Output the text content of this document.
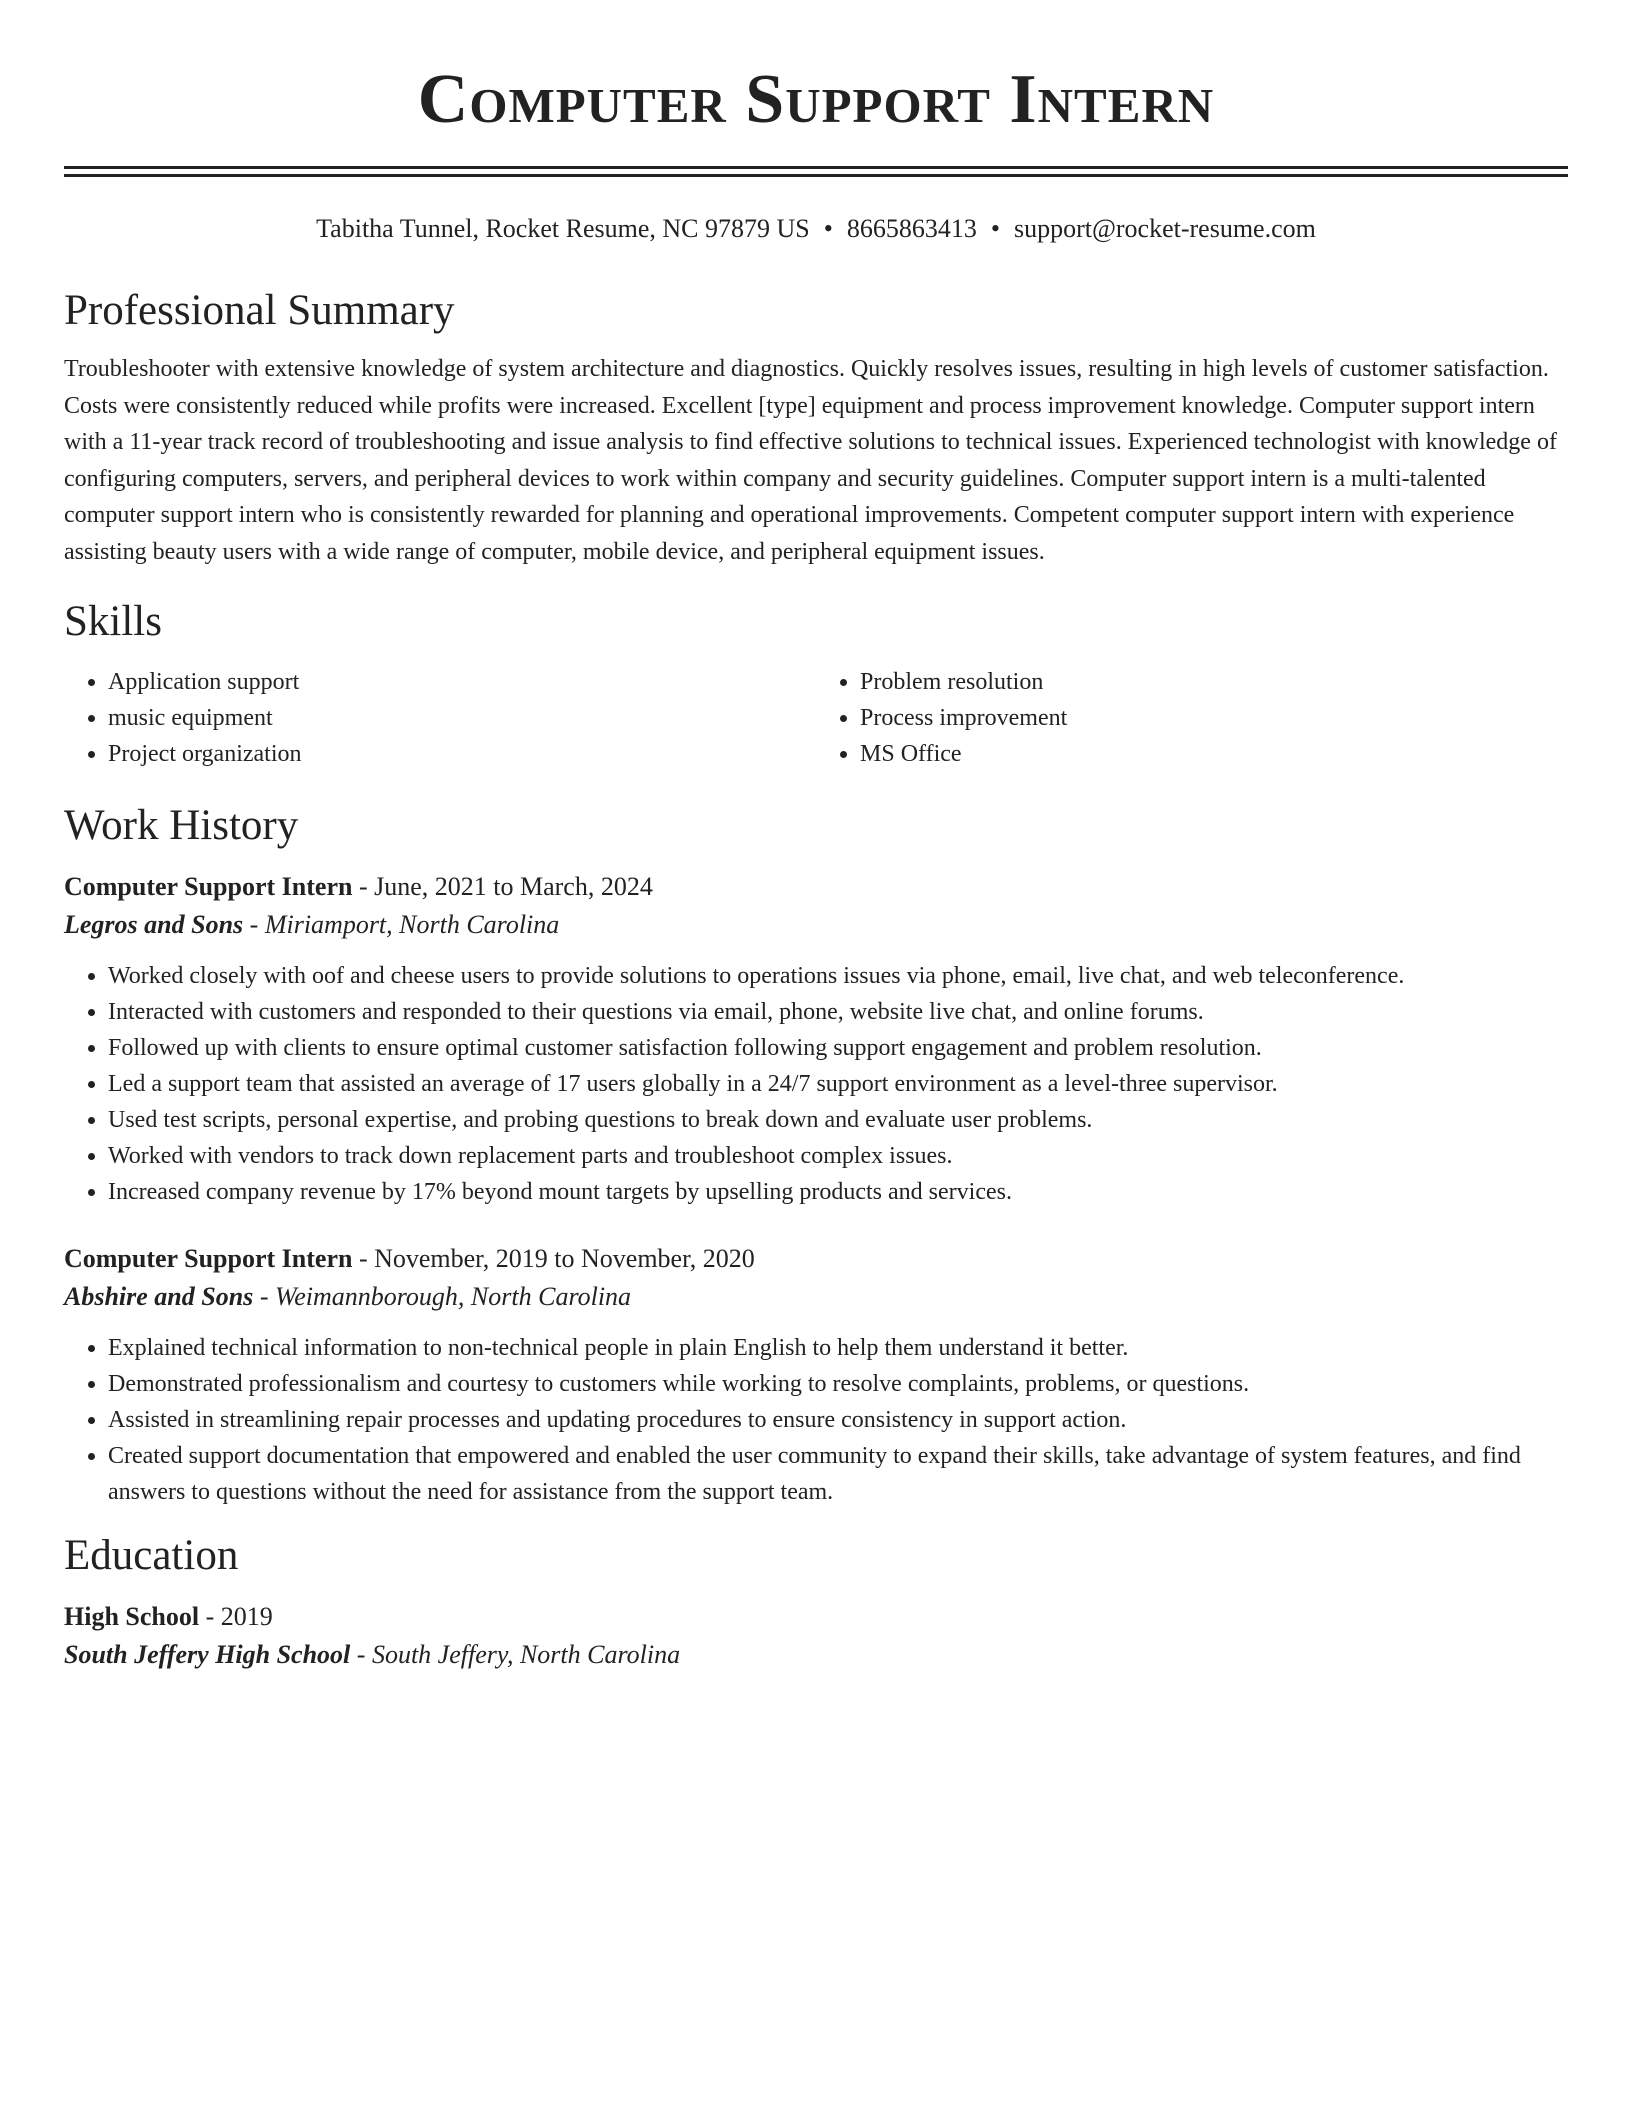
Computer Support Intern
Tabitha Tunnel, Rocket Resume, NC 97879 US • 8665863413 • support@rocket-resume.com
Professional Summary

Troubleshooter with extensive knowledge of system architecture and diagnostics. Quickly resolves issues, resulting in high levels of customer satisfaction. Costs were consistently reduced while profits were increased. Excellent [type] equipment and process improvement knowledge. Computer support intern with a 11-year track record of troubleshooting and issue analysis to find effective solutions to technical issues. Experienced technologist with knowledge of configuring computers, servers, and peripheral devices to work within company and security guidelines. Computer support intern is a multi-talented computer support intern who is consistently rewarded for planning and operational improvements. Competent computer support intern with experience assisting beauty users with a wide range of computer, mobile device, and peripheral equipment issues.

Skills
• Application support
• music equipment
• Project organization
• Problem resolution
• Process improvement
• MS Office
Work History
Computer Support Intern - June, 2021 to March, 2024
Legros and Sons - Miriamport, North Carolina
• Worked closely with oof and cheese users to provide solutions to operations issues via phone, email, live chat, and web teleconference.
• Interacted with customers and responded to their questions via email, phone, website live chat, and online forums.
• Followed up with clients to ensure optimal customer satisfaction following support engagement and problem resolution.
• Led a support team that assisted an average of 17 users globally in a 24/7 support environment as a level-three supervisor.
• Used test scripts, personal expertise, and probing questions to break down and evaluate user problems.
• Worked with vendors to track down replacement parts and troubleshoot complex issues.
• Increased company revenue by 17% beyond mount targets by upselling products and services.
Computer Support Intern - November, 2019 to November, 2020
Abshire and Sons - Weimannborough, North Carolina
• Explained technical information to non-technical people in plain English to help them understand it better.
• Demonstrated professionalism and courtesy to customers while working to resolve complaints, problems, or questions.
• Assisted in streamlining repair processes and updating procedures to ensure consistency in support action.
• Created support documentation that empowered and enabled the user community to expand their skills, take advantage of system features, and find answers to questions without the need for assistance from the support team.
Education
High School - 2019
South Jeffery High School - South Jeffery, North Carolina
